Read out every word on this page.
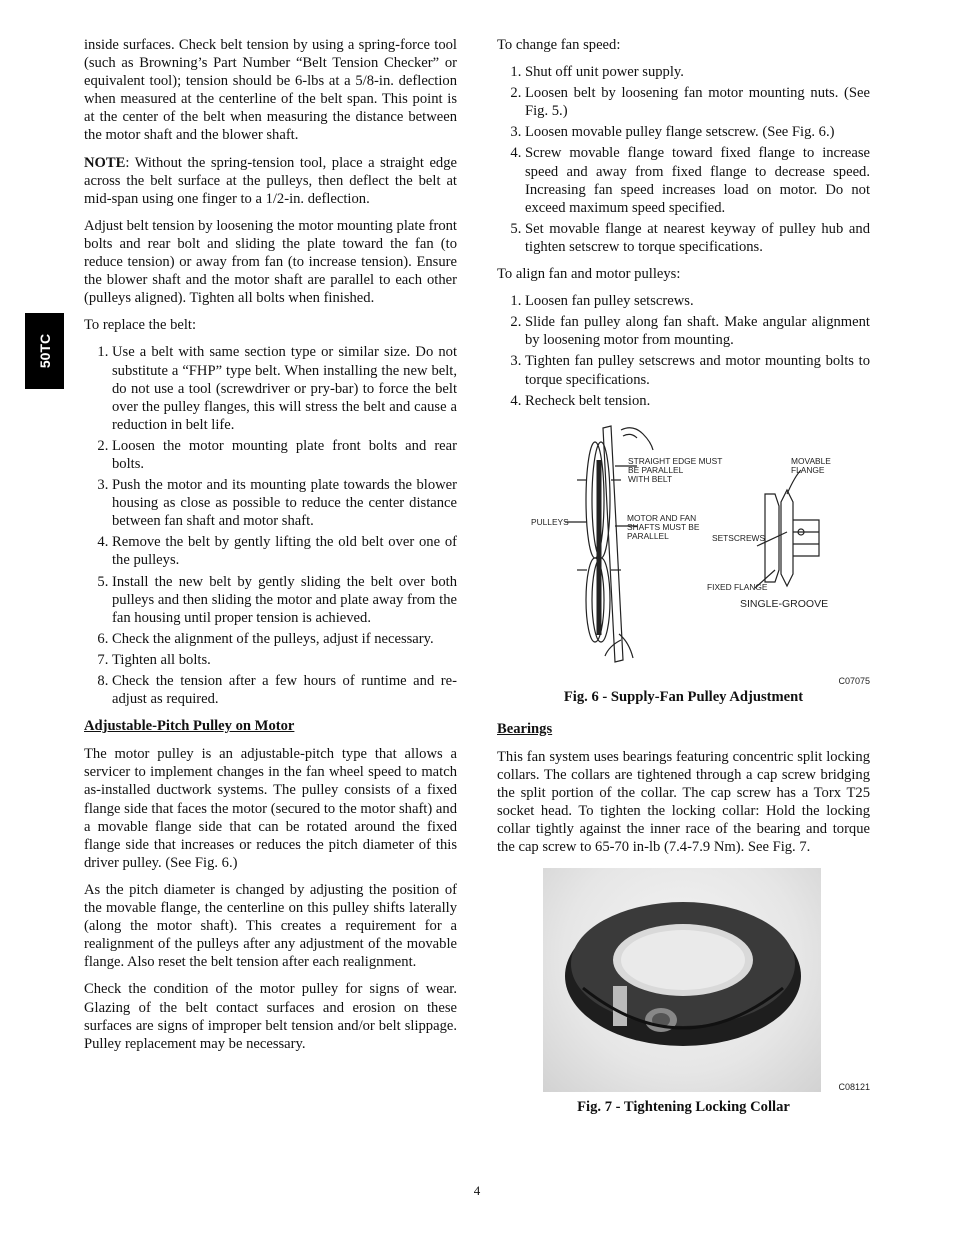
50TC

inside surfaces. Check belt tension by using a spring-force tool (such as Browning’s Part Number “Belt Tension Checker” or equivalent tool); tension should be 6-lbs at a 5/8-in. deflection when measured at the centerline of the belt span. This point is at the center of the belt when measuring the distance between the motor shaft and the blower shaft.

NOTE: Without the spring-tension tool, place a straight edge across the belt surface at the pulleys, then deflect the belt at mid-span using one finger to a 1/2-in. deflection.

Adjust belt tension by loosening the motor mounting plate front bolts and rear bolt and sliding the plate toward the fan (to reduce tension) or away from fan (to increase tension). Ensure the blower shaft and the motor shaft are parallel to each other (pulleys aligned). Tighten all bolts when finished.

To replace the belt:

1. Use a belt with same section type or similar size. Do not substitute a “FHP” type belt. When installing the new belt, do not use a tool (screwdriver or pry-bar) to force the belt over the pulley flanges, this will stress the belt and cause a reduction in belt life.
2. Loosen the motor mounting plate front bolts and rear bolts.
3. Push the motor and its mounting plate towards the blower housing as close as possible to reduce the center distance between fan shaft and motor shaft.
4. Remove the belt by gently lifting the old belt over one of the pulleys.
5. Install the new belt by gently sliding the belt over both pulleys and then sliding the motor and plate away from the fan housing until proper tension is achieved.
6. Check the alignment of the pulleys, adjust if necessary.
7. Tighten all bolts.
8. Check the tension after a few hours of runtime and re-adjust as required.

Adjustable-Pitch Pulley on Motor

The motor pulley is an adjustable-pitch type that allows a servicer to implement changes in the fan wheel speed to match as-installed ductwork systems. The pulley consists of a fixed flange side that faces the motor (secured to the motor shaft) and a movable flange side that can be rotated around the fixed flange side that increases or reduces the pitch diameter of this driver pulley. (See Fig. 6.)

As the pitch diameter is changed by adjusting the position of the movable flange, the centerline on this pulley shifts laterally (along the motor shaft). This creates a requirement for a realignment of the pulleys after any adjustment of the movable flange. Also reset the belt tension after each realignment.

Check the condition of the motor pulley for signs of wear. Glazing of the belt contact surfaces and erosion on these surfaces are signs of improper belt tension and/or belt slippage. Pulley replacement may be necessary.

To change fan speed:

1. Shut off unit power supply.
2. Loosen belt by loosening fan motor mounting nuts. (See Fig. 5.)
3. Loosen movable pulley flange setscrew. (See Fig. 6.)
4. Screw movable flange toward fixed flange to increase speed and away from fixed flange to decrease speed. Increasing fan speed increases load on motor. Do not exceed maximum speed specified.
5. Set movable flange at nearest keyway of pulley hub and tighten setscrew to torque specifications.

To align fan and motor pulleys:

1. Loosen fan pulley setscrews.
2. Slide fan pulley along fan shaft. Make angular alignment by loosening motor from mounting.
3. Tighten fan pulley setscrews and motor mounting bolts to torque specifications.
4. Recheck belt tension.
STRAIGHT EDGE MUST
BE PARALLEL
WITH BELT
MOVABLE
FLANGE
PULLEYS	MOTOR AND FAN
SHAFTS MUST BE
PARALLEL	SETSCREWS
FIXED FLANGE
SINGLE-GROOVE
C07075

Fig. 6 - Supply-Fan Pulley Adjustment

Bearings

This fan system uses bearings featuring concentric split locking collars. The collars are tightened through a cap screw bridging the split portion of the collar. The cap screw has a Torx T25 socket head. To tighten the locking collar: Hold the locking collar tightly against the inner race of the bearing and torque the cap screw to 65-70 in-lb (7.4-7.9 Nm). See Fig. 7.

C08121

Fig. 7 - Tightening Locking Collar

4
